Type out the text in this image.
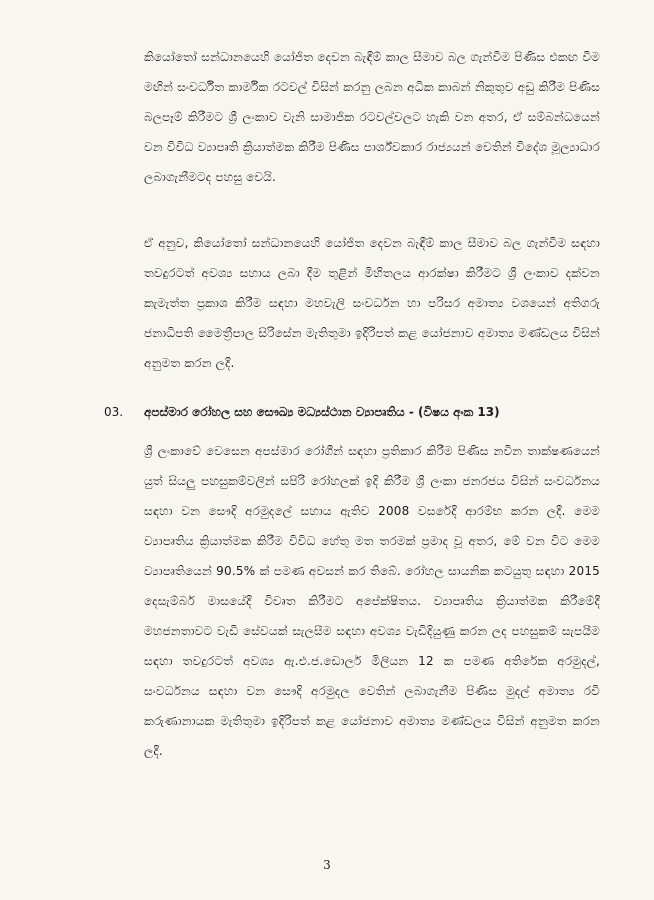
කියෝතෝ සන්ධානයෙහි යෝජිත දෙවන බැඳීම් කාල සීමාව බල ගැන්වීම පිණිස එකඟ වීම මඟින් සංවර්ධිත කාර්මික රටවල් විසින් කරනු ලබන අධික කාබන් නිකුතුව අඩු කිරීම පිණිස බලපෑම් කිරීමට ශ්‍රී ලංකාව වැනි සාමාජික රටවල්වලට හැකි වන අතර, ඒ සම්බන්ධයෙන් වන විවිධ ව්‍යාපෘති ක්‍රියාත්මක කිරීම පිණිස පාර්ශ්වකාර රාජ්‍යයන් වෙතින් විදේශ මූල්‍යාධාර ලබාගැනීමටද පහසු වෙයි.

ඒ අනුව, කියෝතෝ සන්ධානයෙහි යෝජිත දෙවන බැඳීම් කාල සීමාව බල ගැන්වීම සඳහා තවදුරටත් අවශ්‍ය සහාය ලබා දීම තුළින් මිහිතලය ආරක්ෂා කිරීමට ශ්‍රී ලංකාව දක්වන කැමැත්ත ප්‍රකාශ කිරීම සඳහා මහවැලි සංවර්ධන හා පරිසර අමාත්‍ය වශයෙන් අතිගරු ජනාධිපති මෛත්‍රීපාල සිරිසේන මැතිතුමා ඉදිරිපත් කළ යෝජනාව අමාත්‍ය මණ්ඩලය විසින් අනුමත කරන ලදී.

03. අපස්මාර රෝහල සහ සෞඛ්‍ය මධ්‍යස්ථාන ව්‍යාපෘතිය - (විෂය අංක 13)

ශ්‍රී ලංකාවේ වෙසෙන අපස්මාර රෝගීන් සඳහා ප්‍රතිකාර කිරීම පිණිස නවීන තාක්ෂණයෙන් යුත් සියලු පහසුකම්වලින් සපිරි රෝහලක් ඉදි කිරීම ශ්‍රී ලංකා ජනරජය විසින් සංවර්ධනය සඳහා වන සෞදි අරමුදලේ සහාය ඇතිව 2008 වසරේදී ආරම්භ කරන ලදී. මෙම ව්‍යාපෘතිය ක්‍රියාත්මක කිරීම විවිධ හේතු මත තරමක් ප්‍රමාද වූ අතර, මේ වන විට මෙම ව්‍යාපෘතියෙන් 90.5% ක් පමණ අවසන් කර තිබේ. රෝහල සායනික කටයුතු සඳහා 2015 දෙසැම්බර් මාසයේදී විවෘත කිරීමට අපේක්ෂිතය. ව්‍යාපෘතිය ක්‍රියාත්මක කිරීමේදී මහජනතාවට වැඩි සේවයක් සැලසීම සඳහා අවශ්‍ය වැඩිදියුණු කරන ලද පහසුකම් සැපයීම සඳහා තවදුරටත් අවශ්‍ය ඇ.එ.ජ.ඩොලර් මිලියන 12 ක පමණ අතිරේක අරමුදල්, සංවර්ධනය සඳහා වන සෞදි අරමුදල වෙතින් ලබාගැනීම පිණිස මුදල් අමාත්‍ය රවි කරුණානායක මැතිතුමා ඉදිරිපත් කළ යෝජනාව අමාත්‍ය මණ්ඩලය විසින් අනුමත කරන ලදී.

3
